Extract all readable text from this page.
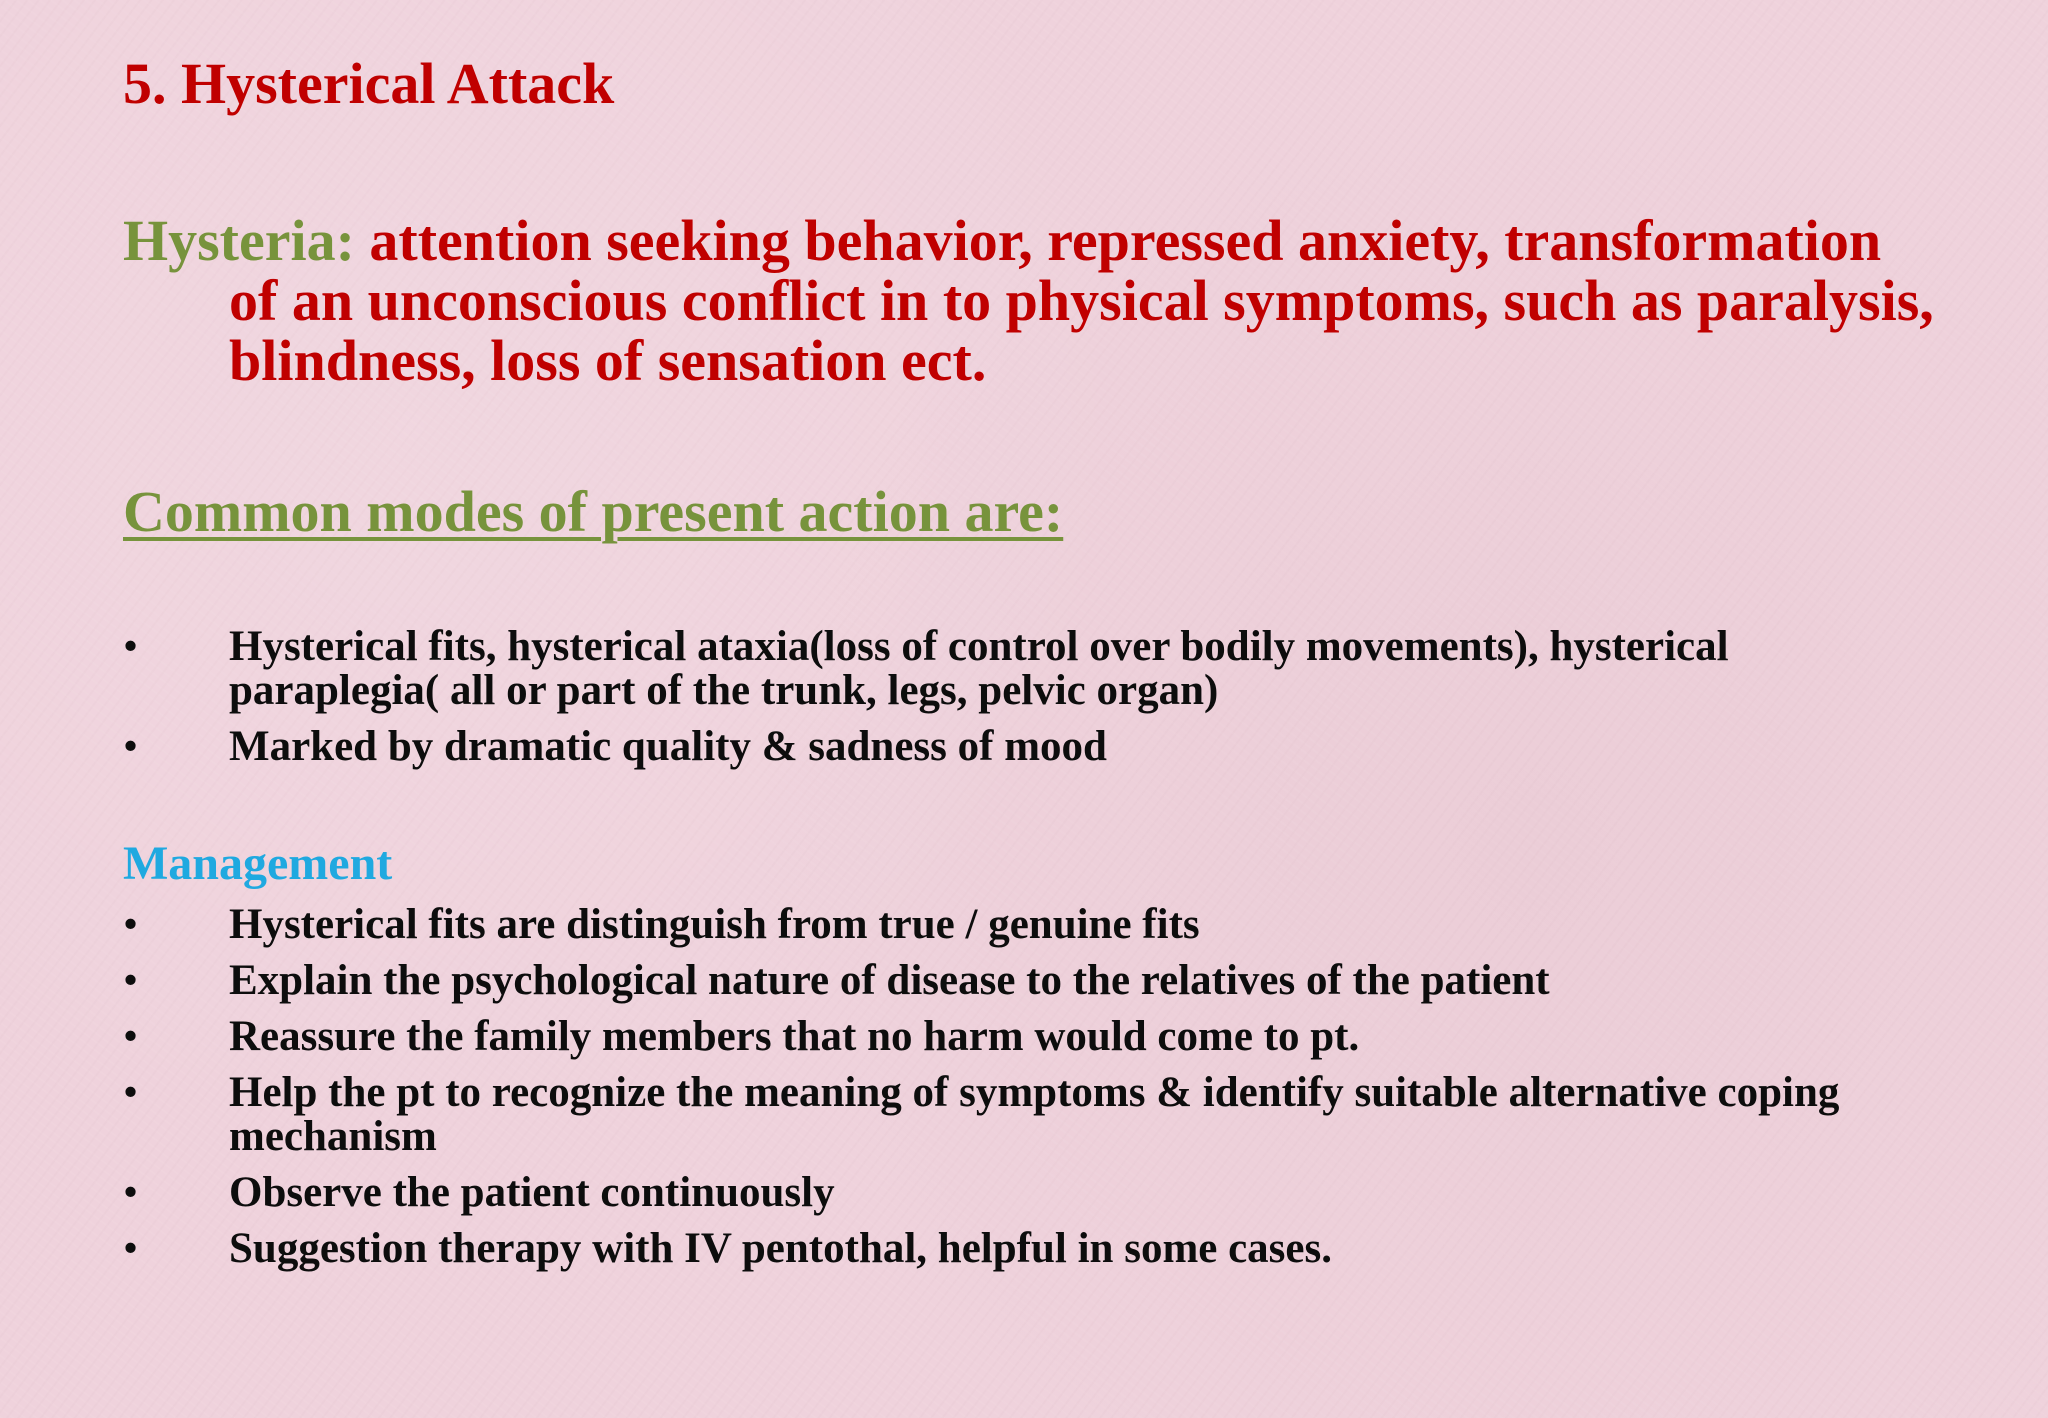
5. Hysterical Attack
Hysteria: attention seeking behavior, repressed anxiety, transformation of an unconscious conflict in to physical symptoms, such as paralysis, blindness, loss of sensation ect.
Common modes of present action are:
• Hysterical fits, hysterical ataxia(loss of control over bodily movements), hysterical paraplegia( all or part of the trunk, legs, pelvic organ)
• Marked by dramatic quality & sadness of mood
Management
• Hysterical fits are distinguish from true / genuine fits
• Explain the psychological nature of disease to the relatives of the patient
• Reassure the family members that no harm would come to pt.
• Help the pt to recognize the meaning of symptoms & identify suitable alternative coping mechanism
• Observe the patient continuously
• Suggestion therapy with IV pentothal, helpful in some cases.
